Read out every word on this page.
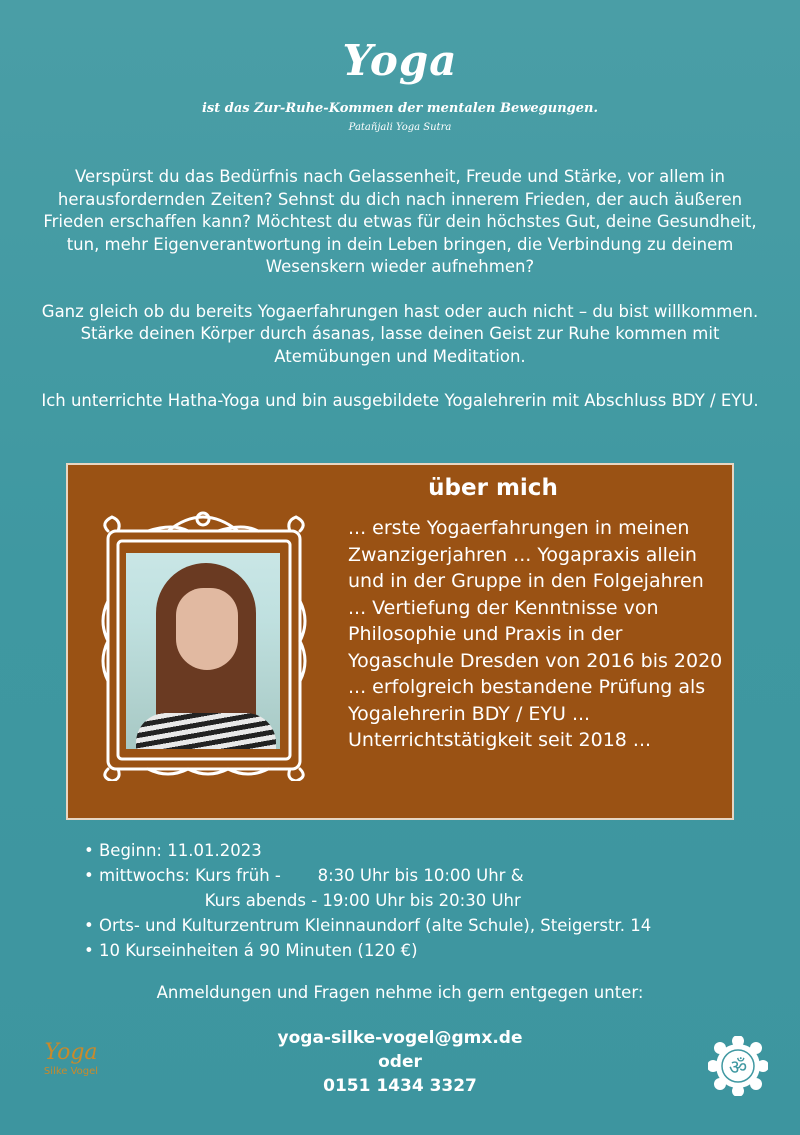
Yoga
ist das Zur-Ruhe-Kommen der mentalen Bewegungen.
Patañjali Yoga Sutra

Verspürst du das Bedürfnis nach Gelassenheit, Freude und Stärke, vor allem in herausfordernden Zeiten? Sehnst du dich nach innerem Frieden, der auch äußeren Frieden erschaffen kann? Möchtest du etwas für dein höchstes Gut, deine Gesundheit, tun, mehr Eigenverantwortung in dein Leben bringen, die Verbindung zu deinem Wesenskern wieder aufnehmen?

Ganz gleich ob du bereits Yogaerfahrungen hast oder auch nicht – du bist willkommen. Stärke deinen Körper durch ásanas, lasse deinen Geist zur Ruhe kommen mit Atemübungen und Meditation.

Ich unterrichte Hatha-Yoga und bin ausgebildete Yogalehrerin mit Abschluss BDY / EYU.

über mich
... erste Yogaerfahrungen in meinen Zwanzigerjahren ... Yogapraxis allein und in der Gruppe in den Folgejahren ... Vertiefung der Kenntnisse von Philosophie und Praxis in der Yogaschule Dresden von 2016 bis 2020 ... erfolgreich bestandene Prüfung als Yogalehrerin BDY / EYU ... Unterrichtstätigkeit seit 2018 ...
• Beginn: 11.01.2023
• mittwochs: Kurs früh -       8:30 Uhr bis 10:00 Uhr &
Kurs abends - 19:00 Uhr bis 20:30 Uhr
• Orts- und Kulturzentrum Kleinnaundorf (alte Schule), Steigerstr. 14
• 10 Kurseinheiten á 90 Minuten (120 €)
Anmeldungen und Fragen nehme ich gern entgegen unter:
yoga-silke-vogel@gmx.de
oder
0151 1434 3327
Yoga
Silke Vogel	ॐ
